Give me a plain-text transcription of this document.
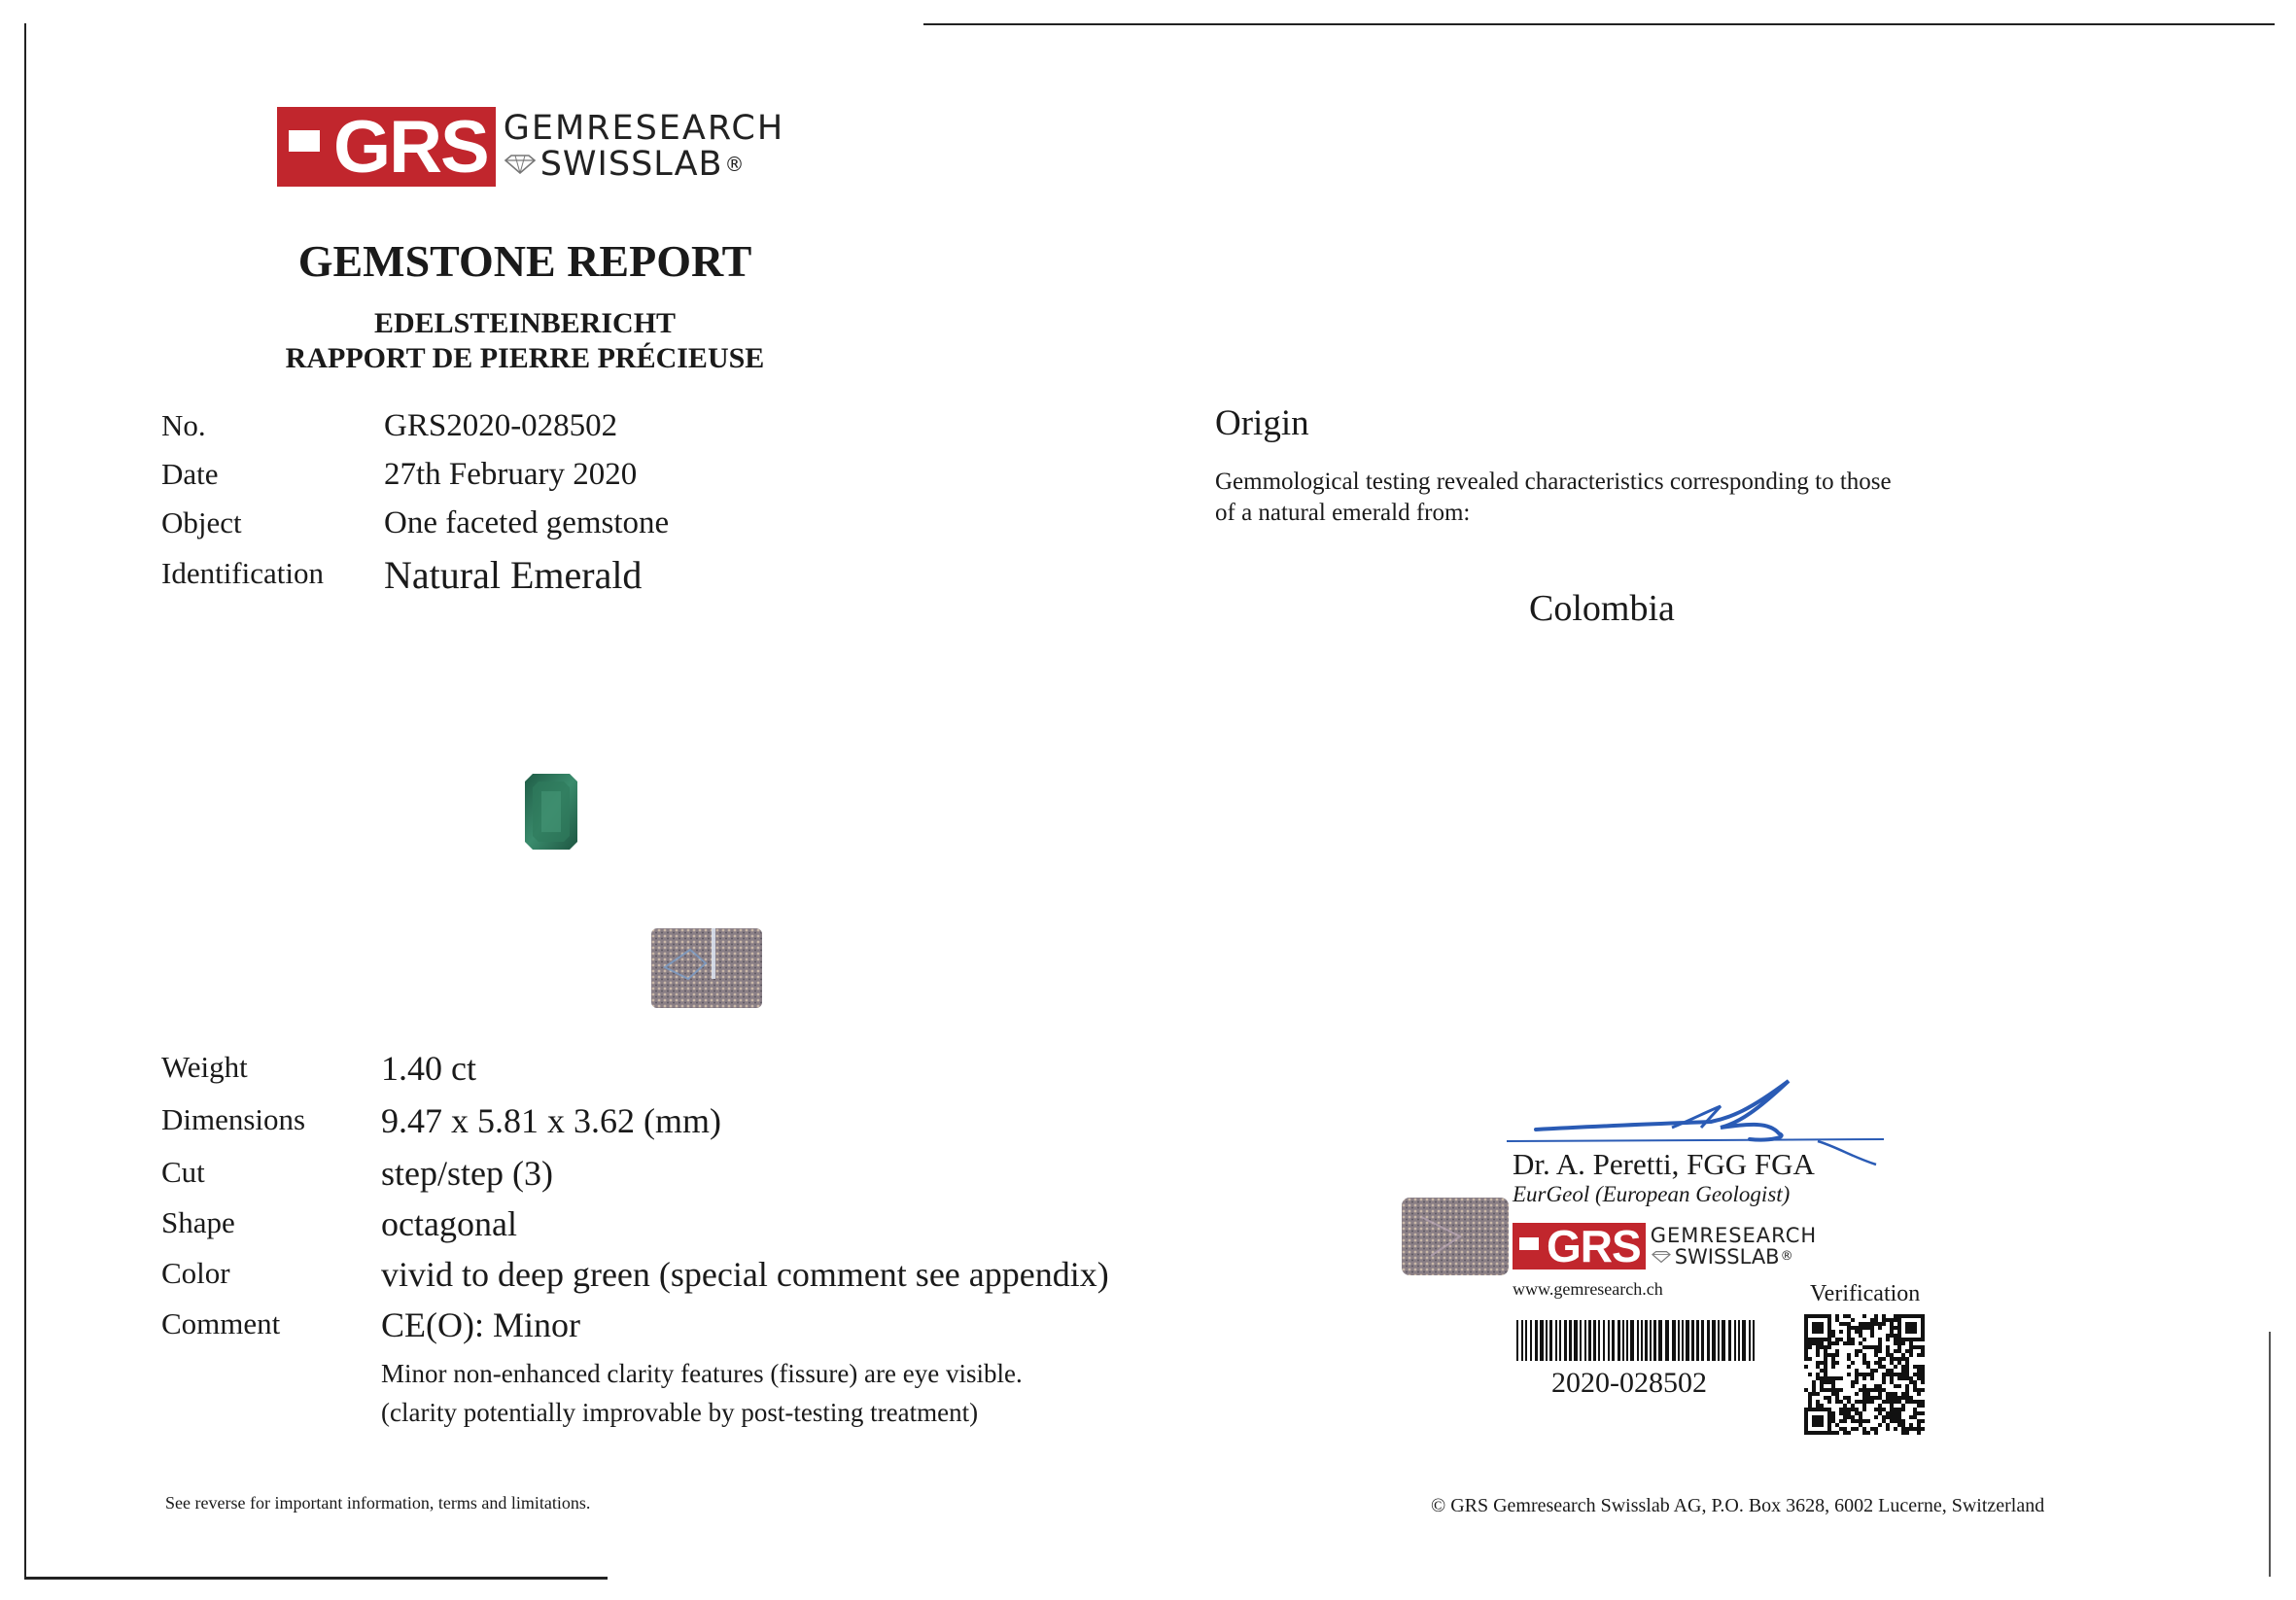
GRS GEMRESEARCH
SWISSLAB ®
GEMSTONE REPORT
EDELSTEINBERICHT
RAPPORT DE PIERRE PRÉCIEUSE
No.	GRS2020-028502
Date	27th February 2020
Object	One faceted gemstone
Identification Natural Emerald
Weight	1.40 ct
Dimensions 9.47 x 5.81 x 3.62 (mm)
Cut	step/step (3)
Shape	octagonal
Color	vivid to deep green (special comment see appendix)
Comment	CE(O): Minor
Minor non-enhanced clarity features (fissure) are eye visible.
(clarity potentially improvable by post-testing treatment)
Origin
Gemmological testing revealed characteristics corresponding to those
of a natural emerald from:
Colombia
Dr. A. Peretti, FGG FGA
EurGeol (European Geologist)
GRS GEMRESEARCH
SWISSLAB ®
www.gemresearch.ch	Verification
2020-028502
See reverse for important information, terms and limitations.	© GRS Gemresearch Swisslab AG, P.O. Box 3628, 6002 Lucerne, Switzerland
